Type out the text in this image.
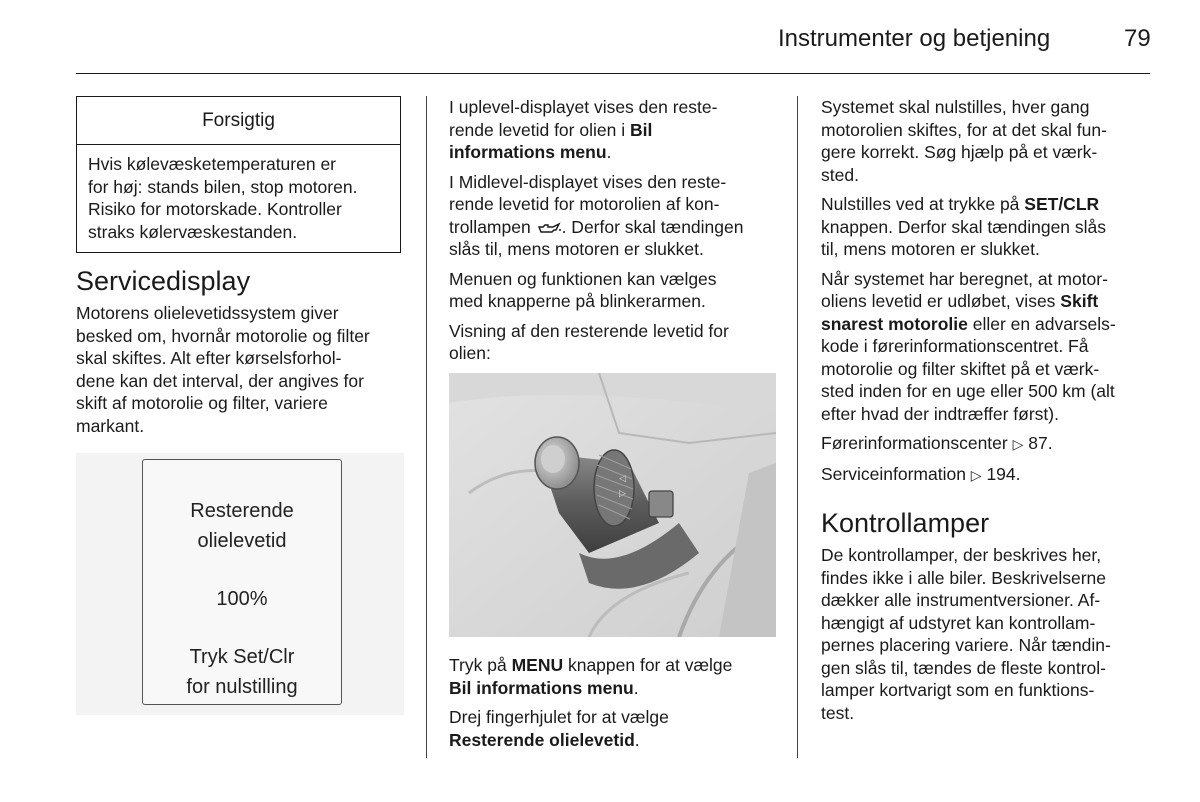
Instrumenter og betjening	79
Forsigtig
Hvis kølevæsketemperaturen er
for høj: stands bilen, stop motoren.
Risiko for motorskade. Kontroller
straks kølervæskestanden.
Servicedisplay
Motorens olielevetidssystem giver
besked om, hvornår motorolie og filter
skal skiftes. Alt efter kørselsforhol-
dene kan det interval, der angives for
skift af motorolie og filter, variere
markant.
Resterende
olielevetid
100%
Tryk Set/Clr
for nulstilling

I uplevel-displayet vises den reste-
rende levetid for olien i Bil
informations menu.

I Midlevel-displayet vises den reste-
rende levetid for motorolien af kon-
trollampen . Derfor skal tændingen
slås til, mens motoren er slukket.

Menuen og funktionen kan vælges
med knapperne på blinkerarmen.

Visning af den resterende levetid for
olien:

◁
▷

Tryk på MENU knappen for at vælge
Bil informations menu.

Drej fingerhjulet for at vælge
Resterende olielevetid.

Systemet skal nulstilles, hver gang
motorolien skiftes, for at det skal fun-
gere korrekt. Søg hjælp på et værk-
sted.

Nulstilles ved at trykke på SET/CLR
knappen. Derfor skal tændingen slås
til, mens motoren er slukket.

Når systemet har beregnet, at motor-
oliens levetid er udløbet, vises Skift
snarest motorolie eller en advarsels-
kode i førerinformationscentret. Få
motorolie og filter skiftet på et værk-
sted inden for en uge eller 500 km (alt
efter hvad der indtræffer først).

Førerinformationscenter ▷ 87.

Serviceinformation ▷ 194.

Kontrollamper
De kontrollamper, der beskrives her,
findes ikke i alle biler. Beskrivelserne
dækker alle instrumentversioner. Af-
hængigt af udstyret kan kontrollam-
pernes placering variere. Når tændin-
gen slås til, tændes de fleste kontrol-
lamper kortvarigt som en funktions-
test.
